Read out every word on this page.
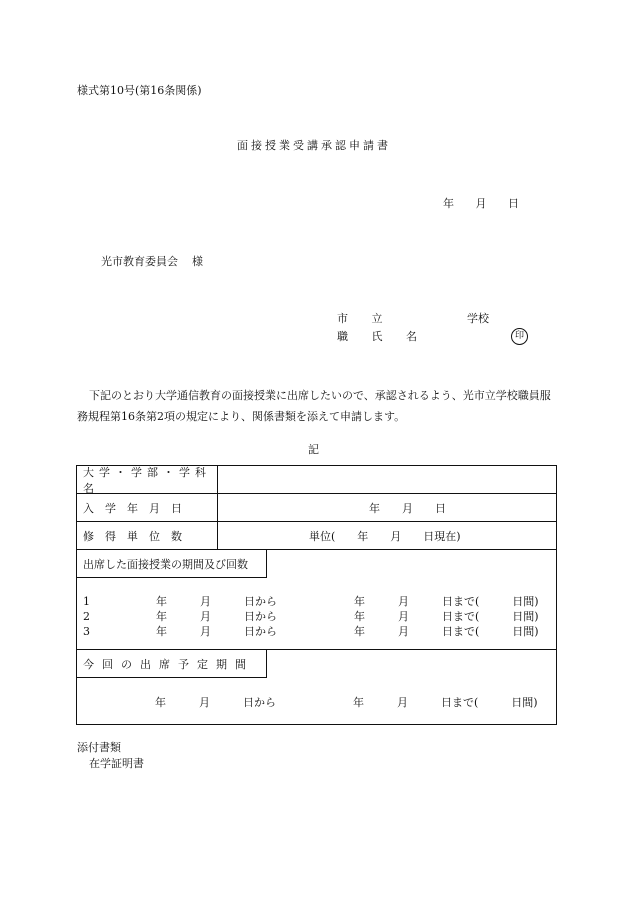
様式第10号(第16条関係)
面接授業受講承認申請書
年 月 日
光市教育委員会 様
市 立	学校
職 氏 名	印
下記のとおり大学通信教育の面接授業に出席したいので、承認されるよう、光市立学校職員服務規程第16条第2項の規定により、関係書類を添えて申請します。
記
大学・学部・学科名
入　学　年　月　日	年　　月　　日
修　得　単　位　数	単位(　　年　　月　　日現在)
出席した面接授業の期間及び回数
1　　　　　　年　　　月　　　日から　　　　　　　年　　　月　　　日まで(　　　日間)
2　　　　　　年　　　月　　　日から　　　　　　　年　　　月　　　日まで(　　　日間)
3　　　　　　年　　　月　　　日から　　　　　　　年　　　月　　　日まで(　　　日間)
今回の出席予定期間
年　　　月　　　日から　　　　　　　年　　　月　　　日まで(　　　日間)
添付書類
在学証明書
